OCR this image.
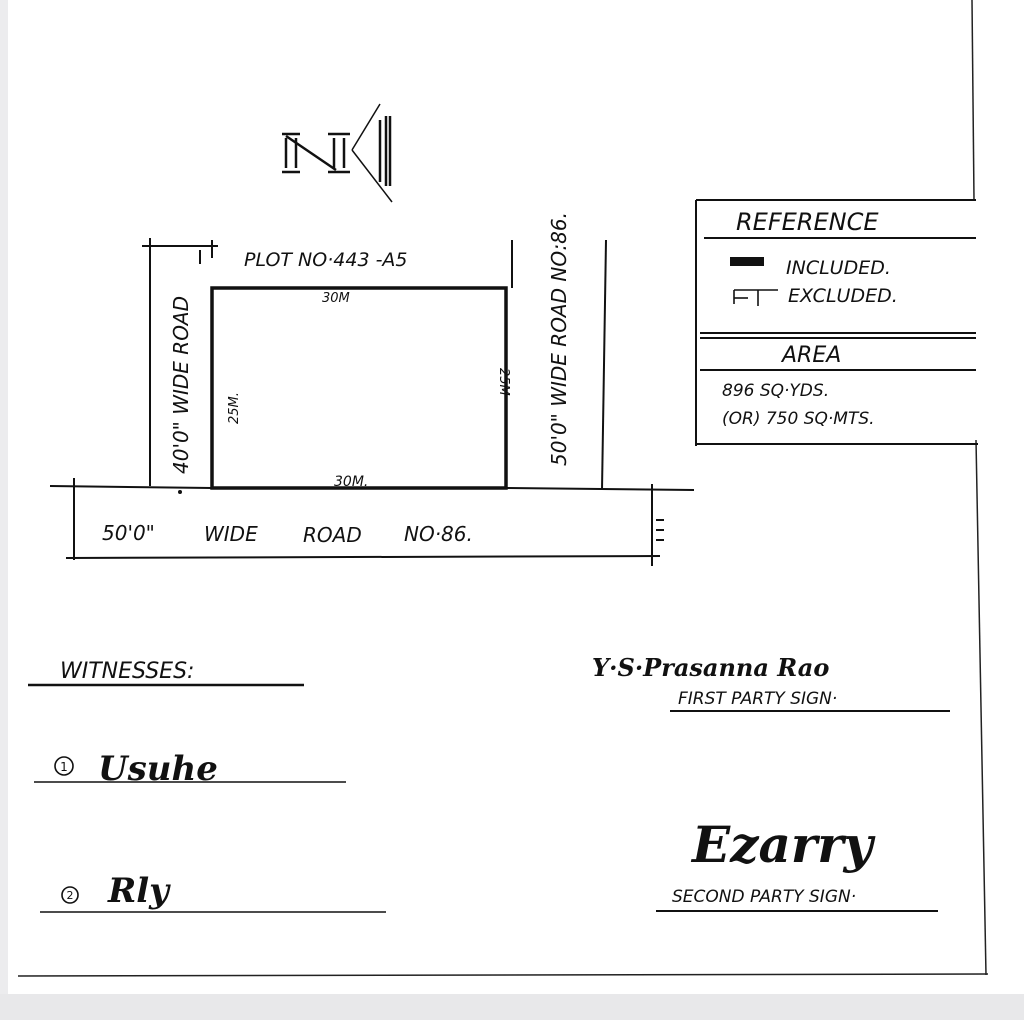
PLOT NO·443 -A5
30M
30M.
25M.
25M
50'0" WIDE ROAD NO·86.
40'0" WIDE ROAD	50'0" WIDE ROAD NO:86.	REFERENCE
INCLUDED.
EXCLUDED.
AREA
896 SQ·YDS.
(OR) 750 SQ·MTS.
WITNESSES:
1 Usuhe
2 Rly
Y·S·Prasanna Rao
FIRST PARTY SIGN·
Ezarry
SECOND PARTY SIGN·
